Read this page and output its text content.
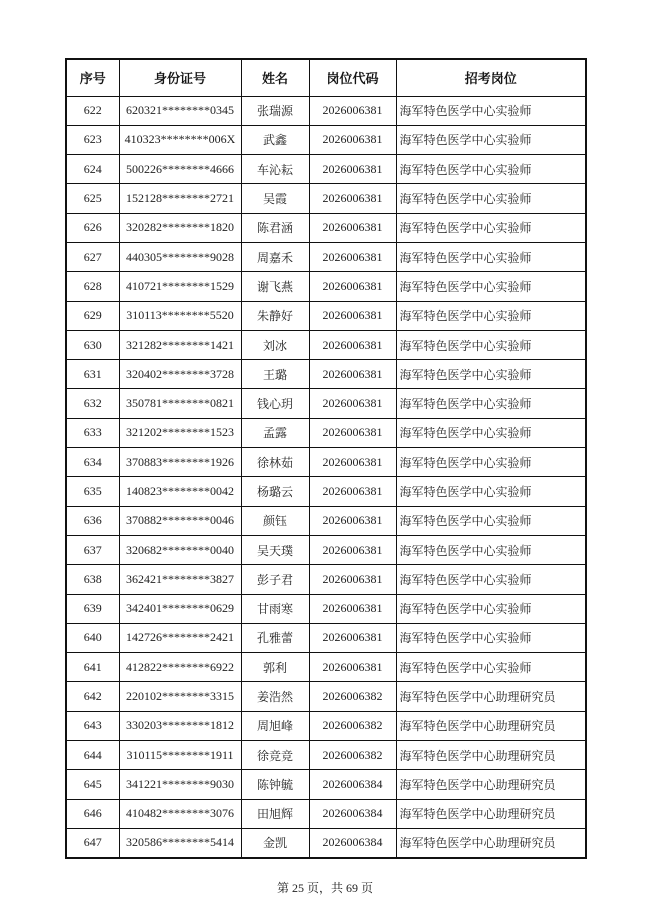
序号	身份证号	姓名	岗位代码	招考岗位
622	620321********0345	张瑞源	2026006381	海军特色医学中心实验师
623	410323********006X	武鑫	2026006381	海军特色医学中心实验师
624	500226********4666	车沁耘	2026006381	海军特色医学中心实验师
625	152128********2721	吴霞	2026006381	海军特色医学中心实验师
626	320282********1820	陈君涵	2026006381	海军特色医学中心实验师
627	440305********9028	周嘉禾	2026006381	海军特色医学中心实验师
628	410721********1529	谢飞燕	2026006381	海军特色医学中心实验师
629	310113********5520	朱静好	2026006381	海军特色医学中心实验师
630	321282********1421	刘冰	2026006381	海军特色医学中心实验师
631	320402********3728	王璐	2026006381	海军特色医学中心实验师
632	350781********0821	钱心玥	2026006381	海军特色医学中心实验师
633	321202********1523	孟露	2026006381	海军特色医学中心实验师
634	370883********1926	徐林茹	2026006381	海军特色医学中心实验师
635	140823********0042	杨璐云	2026006381	海军特色医学中心实验师
636	370882********0046	颜钰	2026006381	海军特色医学中心实验师
637	320682********0040	吴天璞	2026006381	海军特色医学中心实验师
638	362421********3827	彭子君	2026006381	海军特色医学中心实验师
639	342401********0629	甘雨寒	2026006381	海军特色医学中心实验师
640	142726********2421	孔雅蕾	2026006381	海军特色医学中心实验师
641	412822********6922	郭利	2026006381	海军特色医学中心实验师
642	220102********3315	姜浩然	2026006382	海军特色医学中心助理研究员
643	330203********1812	周旭峰	2026006382	海军特色医学中心助理研究员
644	310115********1911	徐竞竞	2026006382	海军特色医学中心助理研究员
645	341221********9030	陈钟毓	2026006384	海军特色医学中心助理研究员
646	410482********3076	田旭辉	2026006384	海军特色医学中心助理研究员
647	320586********5414	金凯	2026006384	海军特色医学中心助理研究员
第 25 页，共 69 页
